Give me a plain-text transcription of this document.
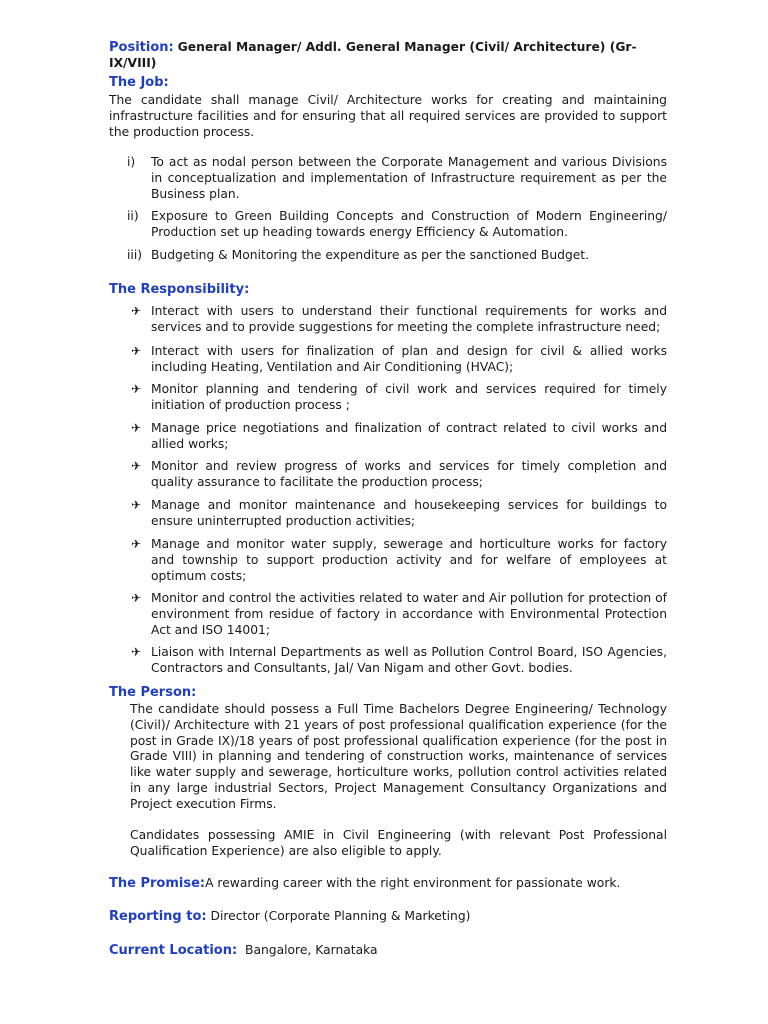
Position: General Manager/ Addl. General Manager (Civil/ Architecture) (Gr-IX/VIII)
The Job:
The candidate shall manage Civil/ Architecture works for creating and maintaining infrastructure facilities and for ensuring that all required services are provided to support the production process.
i)	To act as nodal person between the Corporate Management and various Divisions in conceptualization and implementation of Infrastructure requirement as per the Business plan.
ii)	Exposure to Green Building Concepts and Construction of Modern Engineering/ Production set up heading towards energy Efficiency & Automation.
iii) Budgeting & Monitoring the expenditure as per the sanctioned Budget.
The Responsibility:
✈ Interact with users to understand their functional requirements for works and services and to provide suggestions for meeting the complete infrastructure need;
✈ Interact with users for finalization of plan and design for civil & allied works including Heating, Ventilation and Air Conditioning (HVAC);
✈ Monitor planning and tendering of civil work and services required for timely initiation of production process ;
✈ Manage price negotiations and finalization of contract related to civil works and allied works;
✈ Monitor and review progress of works and services for timely completion and quality assurance to facilitate the production process;
✈ Manage and monitor maintenance and housekeeping services for buildings to ensure uninterrupted production activities;
✈ Manage and monitor water supply, sewerage and horticulture works for factory and township to support production activity and for welfare of employees at optimum costs;
✈ Monitor and control the activities related to water and Air pollution for protection of environment from residue of factory in accordance with Environmental Protection Act and ISO 14001;
✈ Liaison with Internal Departments as well as Pollution Control Board, ISO Agencies, Contractors and Consultants, Jal/ Van Nigam and other Govt. bodies.
The Person:
The candidate should possess a Full Time Bachelors Degree Engineering/ Technology (Civil)/ Architecture with 21 years of post professional qualification experience (for the post in Grade IX)/18 years of post professional qualification experience (for the post in Grade VIII) in planning and tendering of construction works, maintenance of services like water supply and sewerage, horticulture works, pollution control activities related in any large industrial Sectors, Project Management Consultancy Organizations and Project execution Firms.
Candidates possessing AMIE in Civil Engineering (with relevant Post Professional Qualification Experience) are also eligible to apply.
The Promise:A rewarding career with the right environment for passionate work.
Reporting to: Director (Corporate Planning & Marketing)
Current Location: Bangalore, Karnataka
